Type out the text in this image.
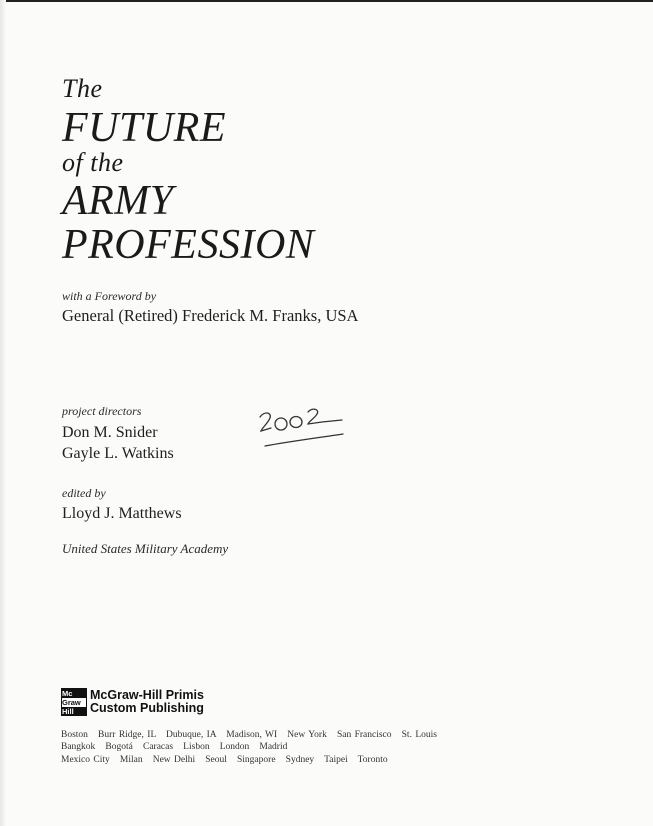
The
FUTURE
of the
ARMY
PROFESSION
with a Foreword by
General (Retired) Frederick M. Franks, USA
project directors
Don M. Snider
Gayle L. Watkins
edited by
Lloyd J. Matthews
United States Military Academy
Mc
Graw
Hill
McGraw-Hill Primis
Custom Publishing
Boston   Burr Ridge, IL   Dubuque, IA   Madison, WI   New York   San Francisco   St. Louis
Bangkok   Bogotá   Caracas   Lisbon   London   Madrid
Mexico City   Milan   New Delhi   Seoul   Singapore   Sydney   Taipei   Toronto
